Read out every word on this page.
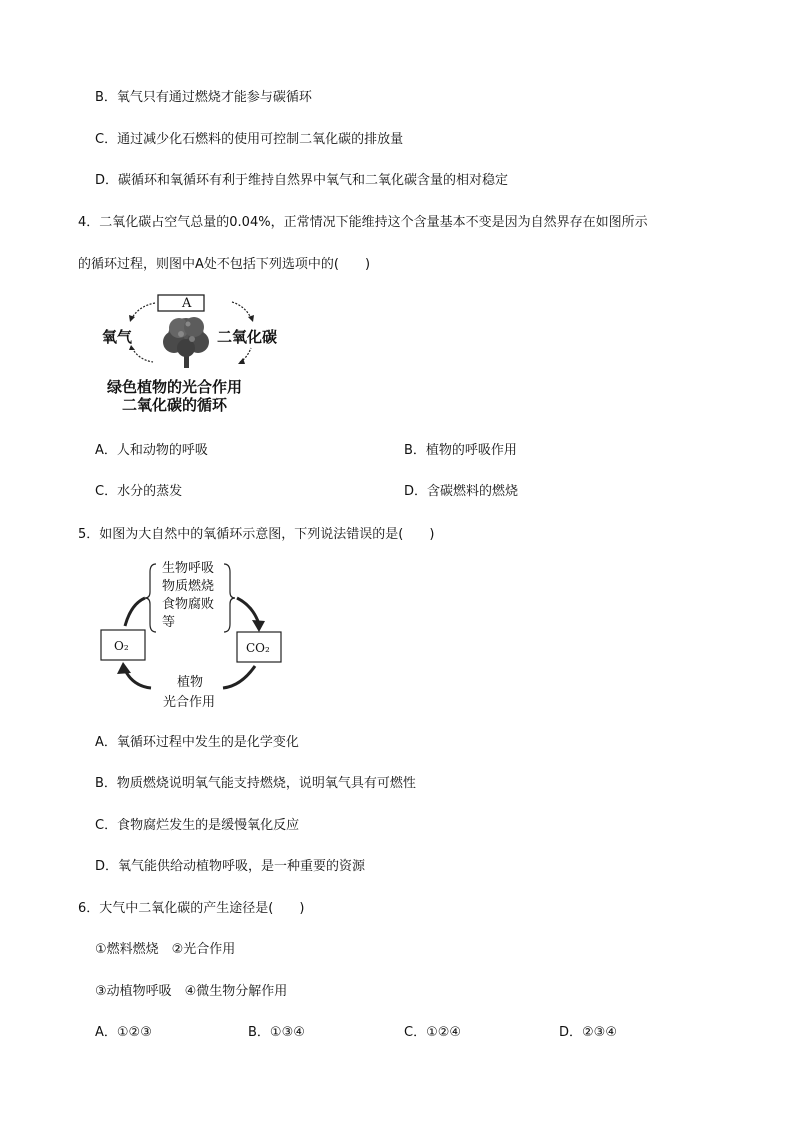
B．氧气只有通过燃烧才能参与碳循环
C．通过减少化石燃料的使用可控制二氧化碳的排放量
D．碳循环和氧循环有利于维持自然界中氧气和二氧化碳含量的相对稳定
4．二氧化碳占空气总量的0.04%，正常情况下能维持这个含量基本不变是因为自然界存在如图所示
的循环过程，则图中A处不包括下列选项中的(　　)
A
氧气	二氧化碳
绿色植物的光合作用
二氧化碳的循环
A．人和动物的呼吸	B．植物的呼吸作用
C．水分的蒸发	D．含碳燃料的燃烧
5．如图为大自然中的氧循环示意图，下列说法错误的是(　　)
生物呼吸
物质燃烧
食物腐败
等
O₂	CO₂
植物
光合作用
A．氧循环过程中发生的是化学变化
B．物质燃烧说明氧气能支持燃烧，说明氧气具有可燃性
C．食物腐烂发生的是缓慢氧化反应
D．氧气能供给动植物呼吸，是一种重要的资源
6．大气中二氧化碳的产生途径是(　　)
①燃料燃烧　②光合作用
③动植物呼吸　④微生物分解作用
A．①②③	B．①③④	C．①②④	D．②③④
